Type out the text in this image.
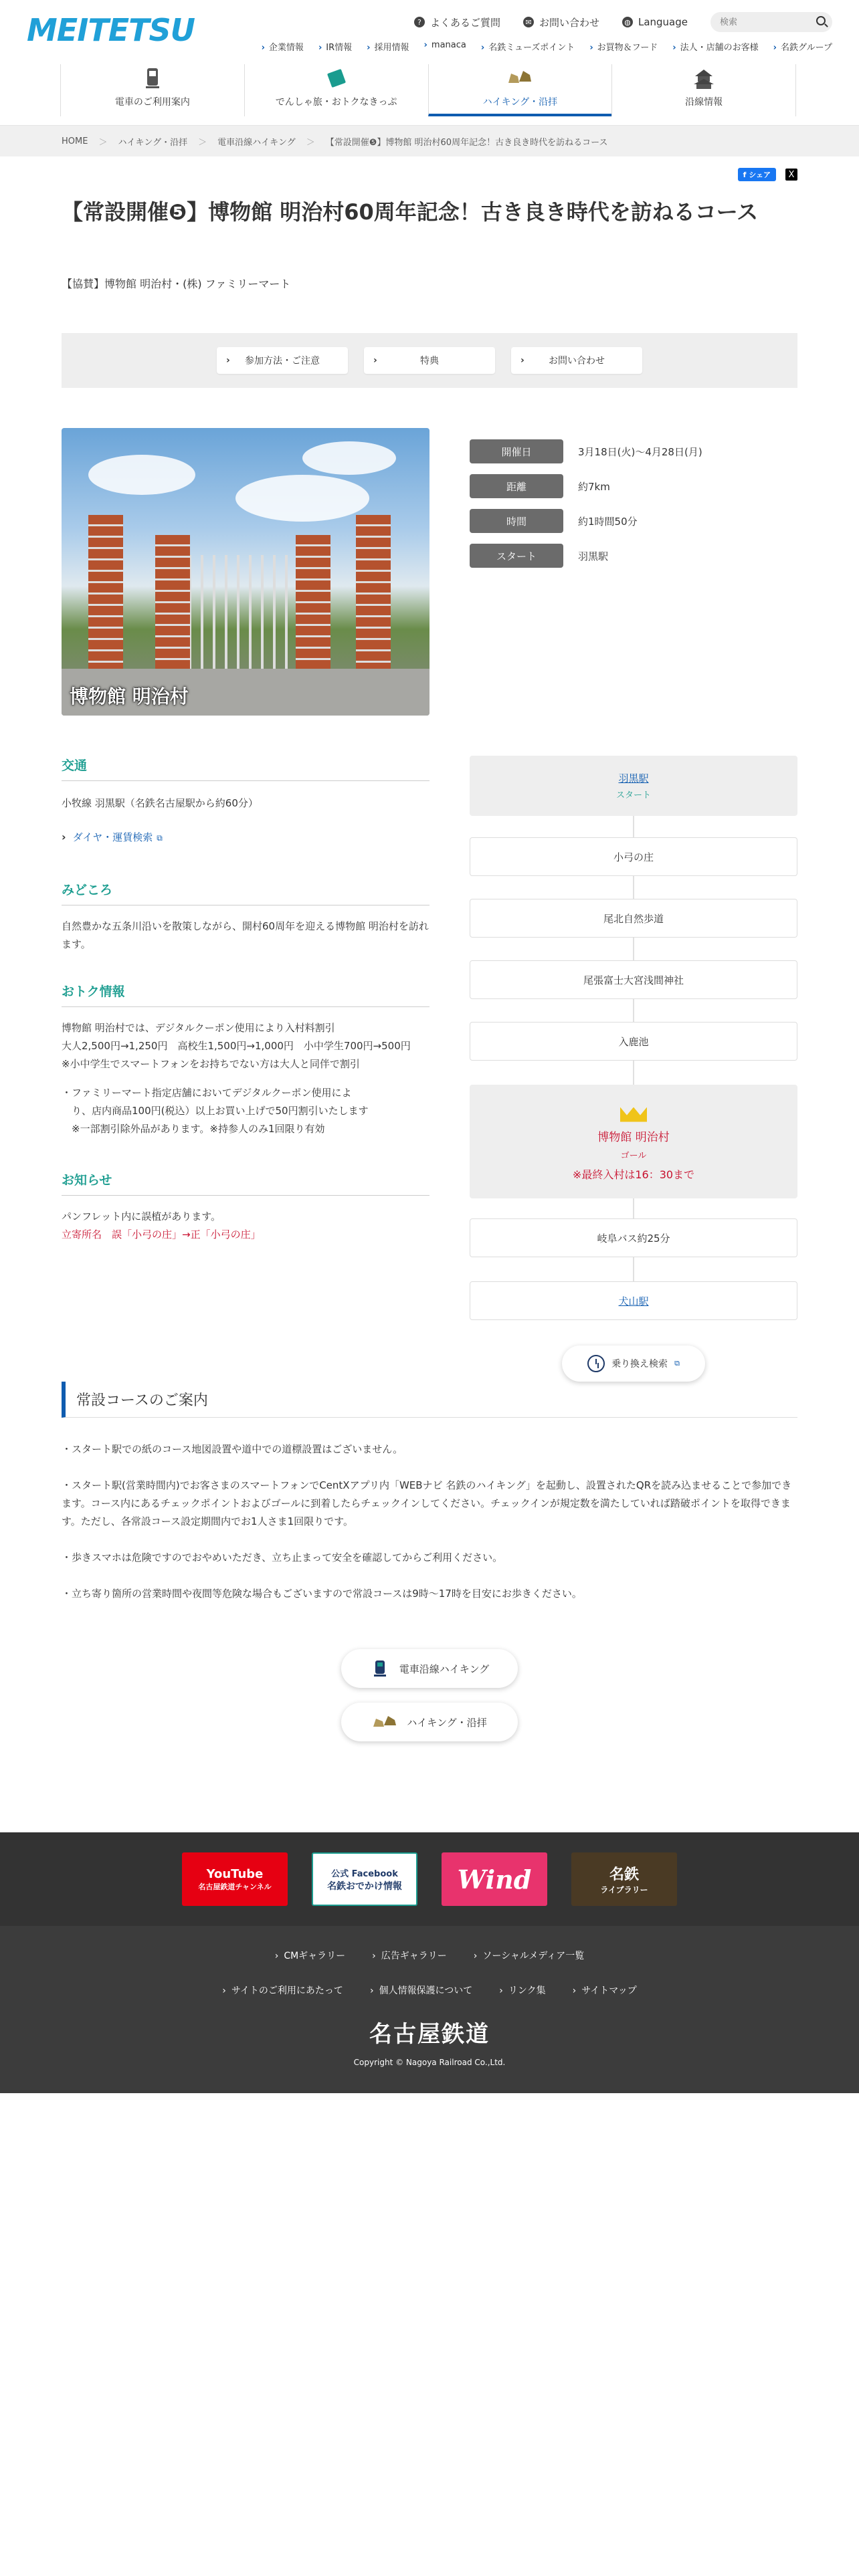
MEITETSU	? よくあるご質問	✉ お問い合わせ	◍ Language
検索
› 企業情報	› IR情報	› 採用情報	› manaca	› 名鉄ミューズポイント	› お買物＆フード	› 法人・店舗のお客様	› 名鉄グループ
電車のご利用案内	でんしゃ旅・おトクなきっぷ	ハイキング・沿拝	沿線情報
HOME ＞ ハイキング・沿拝 ＞ 電車沿線ハイキング ＞ 【常設開催❺】博物館 明治村60周年記念！古き良き時代を訪ねるコース
f シェア	X
【常設開催❺】博物館 明治村60周年記念！古き良き時代を訪ねるコース
【協賛】博物館 明治村・(株) ファミリーマート
› 参加方法・ご注意	› 特典	› お問い合わせ
博物館 明治村
開催日	3月18日(火)〜4月28日(月)
距離	約7km
時間	約1時間50分
スタート	羽黒駅
交通
小牧線 羽黒駅（名鉄名古屋駅から約60分）
› ダイヤ・運賃検索 ⧉
みどころ
自然豊かな五条川沿いを散策しながら、開村60周年を迎える博物館 明治村を訪れます。
おトク情報
博物館 明治村では、デジタルクーポン使用により入村料割引
大人2,500円→1,250円　高校生1,500円→1,000円　小中学生700円→500円
※小中学生でスマートフォンをお持ちでない方は大人と同伴で割引
・ファミリーマート指定店舗においてデジタルクーポン使用によ
　り、店内商品100円(税込）以上お買い上げで50円割引いたします
　※一部割引除外品があります。※持参人のみ1回限り有効
お知らせ
パンフレット内に誤植があります。
立寄所名　誤「小弓の庄」→正「小弓の庄」
羽黒駅
スタート
小弓の庄
尾北自然歩道
尾張富士大宮浅間神社
入鹿池
博物館 明治村
ゴール
※最終入村は16：30まで
岐阜バス約25分
犬山駅
乗り換え検索 ⧉
常設コースのご案内

・スタート駅での紙のコース地図設置や道中での道標設置はございません。

・スタート駅(営業時間内)でお客さまのスマートフォンでCentXアプリ内「WEBナビ 名鉄のハイキング」を起動し、設置されたQRを読み込ませることで参加できます。コース内にあるチェックポイントおよびゴールに到着したらチェックインしてください。チェックインが規定数を満たしていれば踏破ポイントを取得できます。ただし、各常設コース設定期間内でお1人さま1回限りです。

・歩きスマホは危険ですのでおやめいただき、立ち止まって安全を確認してからご利用ください。

・立ち寄り箇所の営業時間や夜間等危険な場合もございますので常設コースは9時〜17時を目安にお歩きください。

電車沿線ハイキング
ハイキング・沿拝
YouTube
名古屋鉄道チャンネル
公式 Facebook
名鉄おでかけ情報 Wind	名鉄
ライブラリー
› CMギャラリー	› 広告ギャラリー	› ソーシャルメディア一覧
› サイトのご利用にあたって	› 個人情報保護について	› リンク集	› サイトマップ
名古屋鉄道
Copyright © Nagoya Railroad Co.,Ltd.
